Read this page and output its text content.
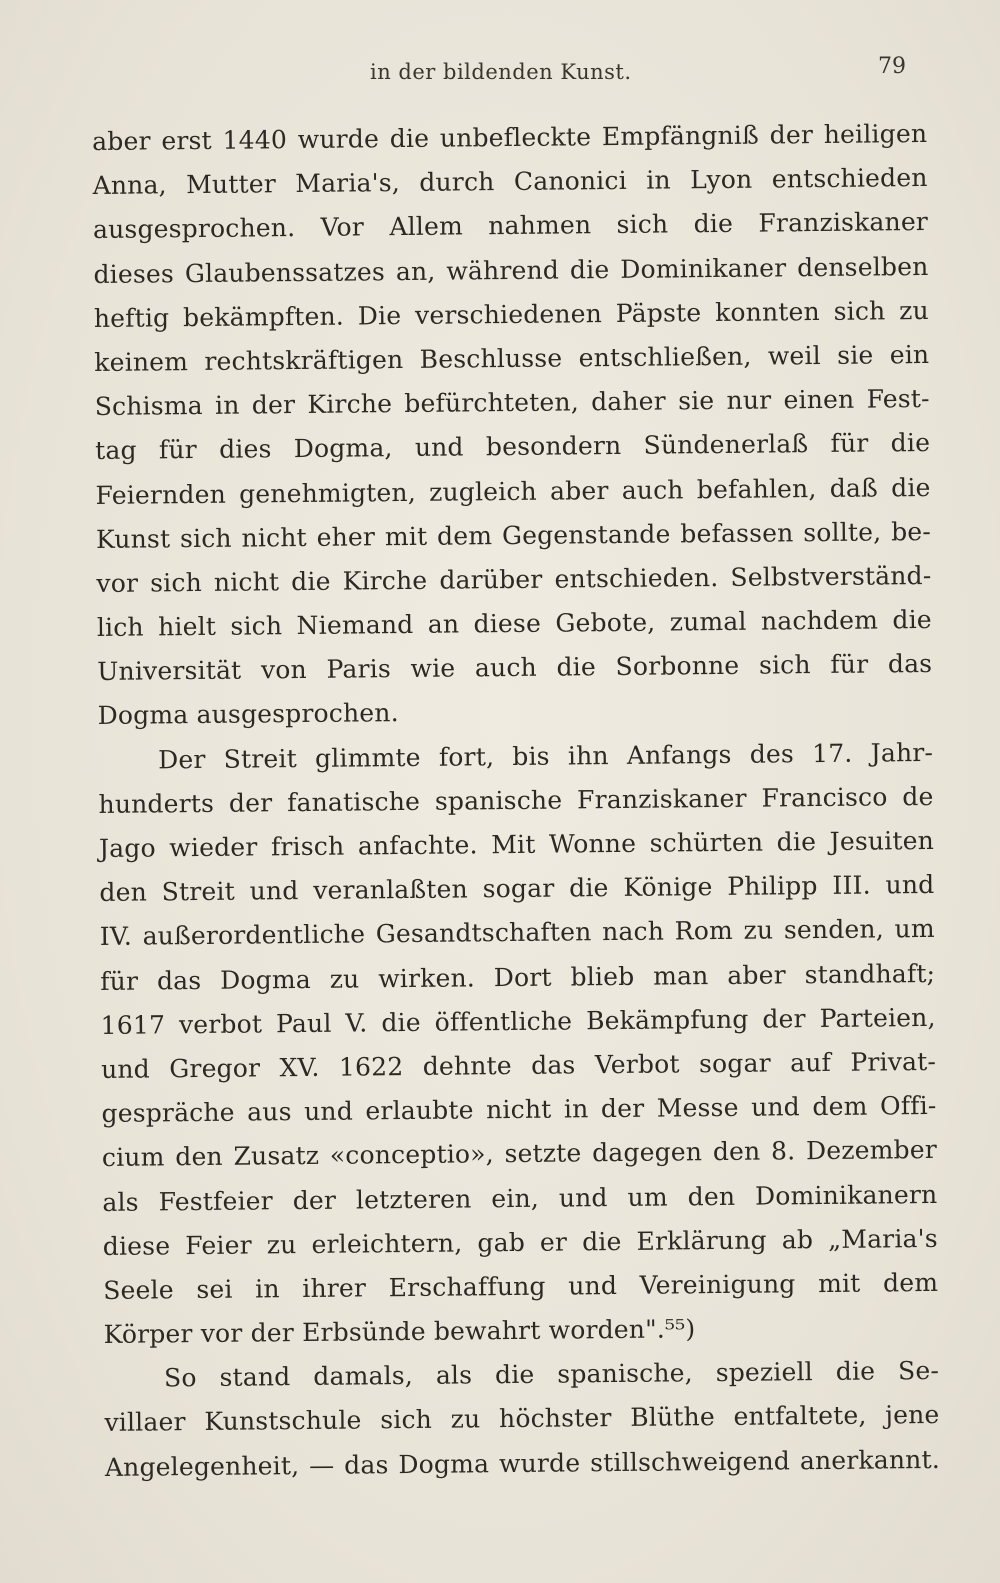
in der bildenden Kunst.	79
aber erst 1440 wurde die unbefleckte Empfängniß der heiligen
Anna, Mutter Maria's, durch Canonici in Lyon entschieden
ausgesprochen. Vor Allem nahmen sich die Franziskaner
dieses Glaubenssatzes an, während die Dominikaner denselben
heftig bekämpften. Die verschiedenen Päpste konnten sich zu
keinem rechtskräftigen Beschlusse entschließen, weil sie ein
Schisma in der Kirche befürchteten, daher sie nur einen Fest-
tag für dies Dogma, und besondern Sündenerlaß für die
Feiernden genehmigten, zugleich aber auch befahlen, daß die
Kunst sich nicht eher mit dem Gegenstande befassen sollte, be-
vor sich nicht die Kirche darüber entschieden. Selbstverständ-
lich hielt sich Niemand an diese Gebote, zumal nachdem die
Universität von Paris wie auch die Sorbonne sich für das
Dogma ausgesprochen.
Der Streit glimmte fort, bis ihn Anfangs des 17. Jahr-
hunderts der fanatische spanische Franziskaner Francisco de
Jago wieder frisch anfachte. Mit Wonne schürten die Jesuiten
den Streit und veranlaßten sogar die Könige Philipp III. und
IV. außerordentliche Gesandtschaften nach Rom zu senden, um
für das Dogma zu wirken. Dort blieb man aber standhaft;
1617 verbot Paul V. die öffentliche Bekämpfung der Parteien,
und Gregor XV. 1622 dehnte das Verbot sogar auf Privat-
gespräche aus und erlaubte nicht in der Messe und dem Offi-
cium den Zusatz «conceptio», setzte dagegen den 8. Dezember
als Festfeier der letzteren ein, und um den Dominikanern
diese Feier zu erleichtern, gab er die Erklärung ab „Maria's
Seele sei in ihrer Erschaffung und Vereinigung mit dem
Körper vor der Erbsünde bewahrt worden".⁵⁵)
So stand damals, als die spanische, speziell die Se-
villaer Kunstschule sich zu höchster Blüthe entfaltete, jene
Angelegenheit, — das Dogma wurde stillschweigend anerkannt.
